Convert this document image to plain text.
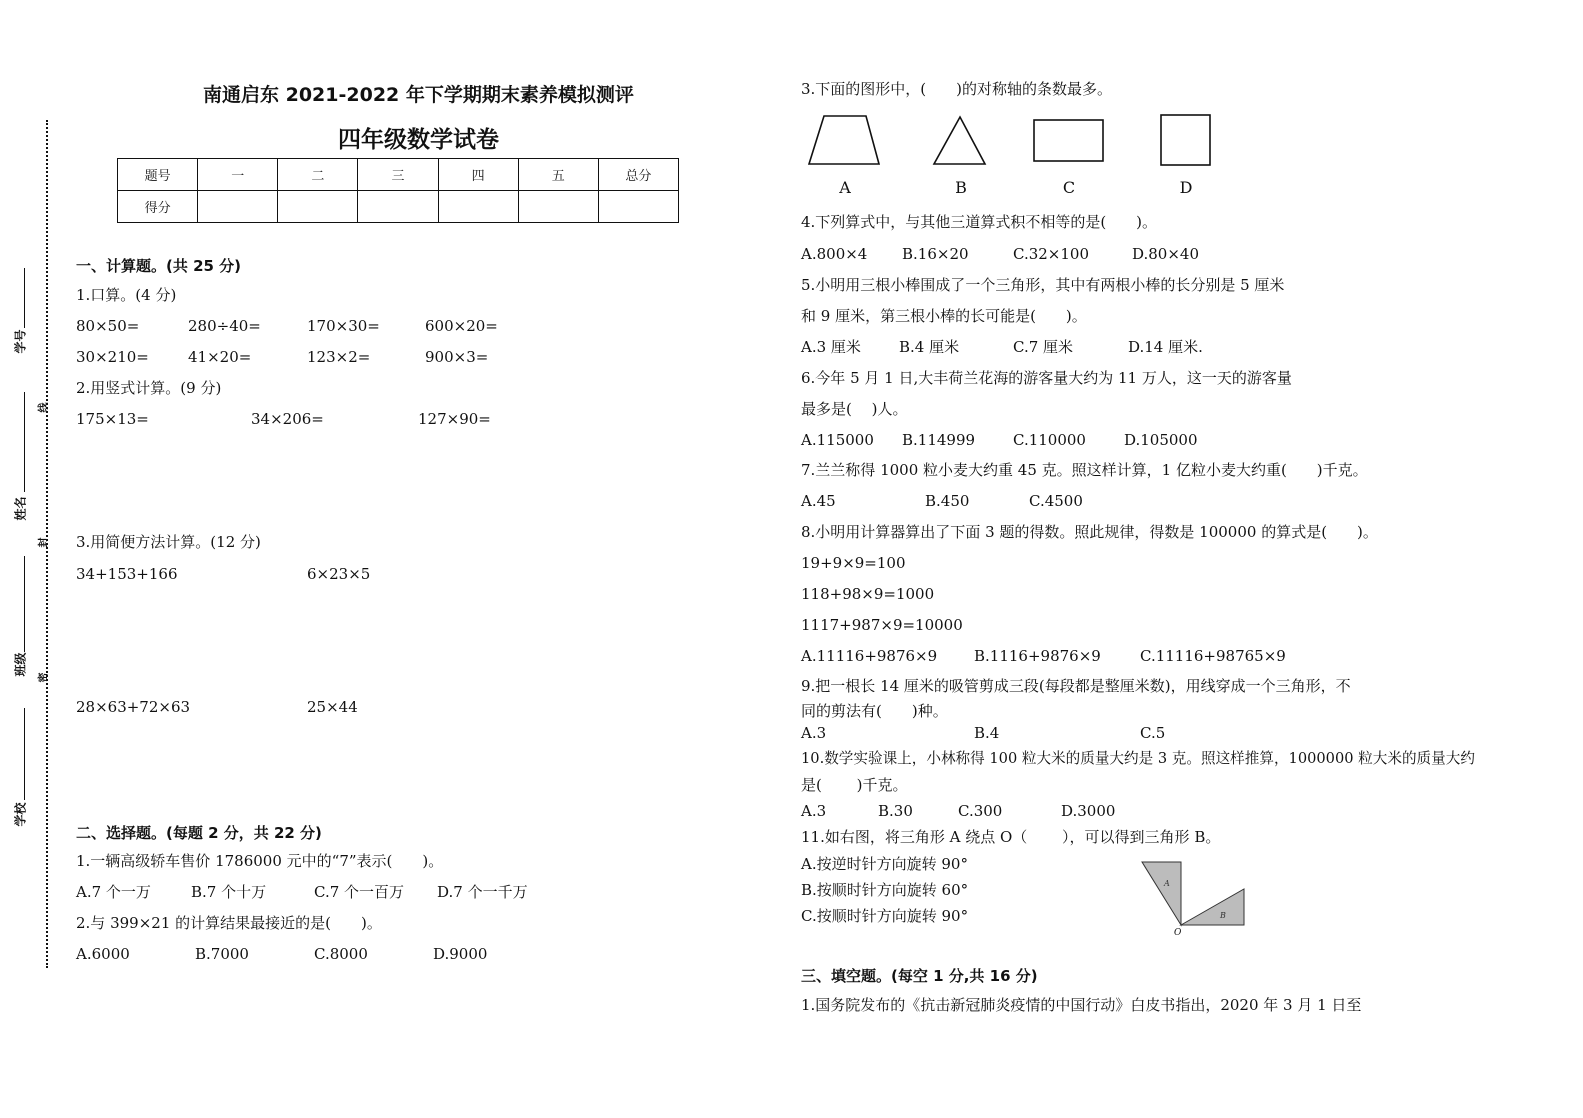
学号
姓名
班级
学校
线
封
密
南通启东 2021-2022 年下学期期末素养模拟测评
四年级数学试卷
题号	一	二	三	四	五	总分
得分						
一、计算题。(共 25 分)
1.口算。(4 分)
80×50=	280÷40=	170×30=	600×20=
30×210=	41×20=	123×2=	900×3=
2.用竖式计算。(9 分)
175×13=	34×206=	127×90=
3.用简便方法计算。(12 分)
34+153+166	6×23×5
28×63+72×63	25×44
二、选择题。(每题 2 分，共 22 分)
1.一辆高级轿车售价 1786000 元中的“7”表示(　　)。
A.7 个一万	B.7 个十万	C.7 个一百万 D.7 个一千万
2.与 399×21 的计算结果最接近的是(　　)。
A.6000	B.7000	C.8000	D.9000
3.下面的图形中，(　　)的对称轴的条数最多。
A	B	C	D
4.下列算式中，与其他三道算式积不相等的是(　　)。
A.800×4 B.16×20	C.32×100	D.80×40
5.小明用三根小棒围成了一个三角形，其中有两根小棒的长分别是 5 厘米
和 9 厘米，第三根小棒的长可能是(　　)。
A.3 厘米	B.4 厘米	C.7 厘米	D.14 厘米.
6.今年 5 月 1 日,大丰荷兰花海的游客量大约为 11 万人，这一天的游客量
最多是(　 )人。
A.115000 B.114999	C.110000	D.105000
7.兰兰称得 1000 粒小麦大约重 45 克。照这样计算，1 亿粒小麦大约重(　　)千克。
A.45	B.450	C.4500
8.小明用计算器算出了下面 3 题的得数。照此规律，得数是 100000 的算式是(　　)。
19+9×9=100
118+98×9=1000
1117+987×9=10000
A.11116+9876×9 B.1116+9876×9	C.11116+98765×9
9.把一根长 14 厘米的吸管剪成三段(每段都是整厘米数)，用线穿成一个三角形，不
同的剪法有(　　)种。
A.3	B.4	C.5
10.数学实验课上，小林称得 100 粒大米的质量大约是 3 克。照这样推算，1000000 粒大米的质量大约
是(　　 )千克。
A.3	B.30	C.300	D.3000
11.如右图，将三角形 A 绕点 O（　　 ），可以得到三角形 B。
A.按逆时针方向旋转 90°
B.按顺时针方向旋转 60°
C.按顺时针方向旋转 90°
A
B
O
三、填空题。(每空 1 分,共 16 分)
1.国务院发布的《抗击新冠肺炎疫情的中国行动》白皮书指出，2020 年 3 月 1 日至
